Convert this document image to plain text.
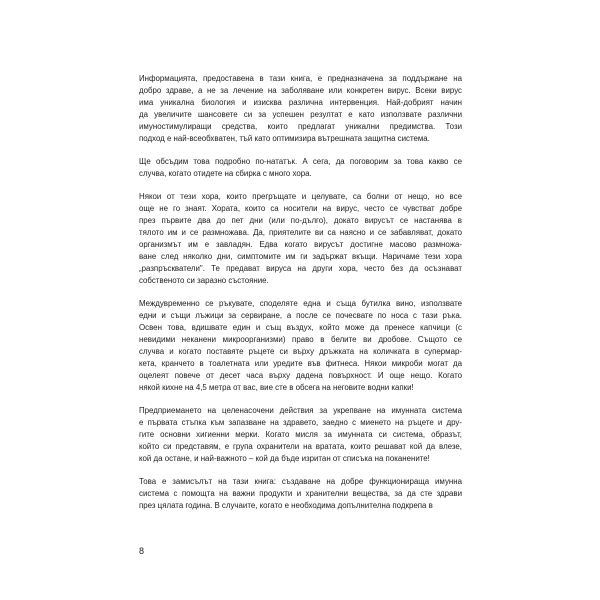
Информацията, предоставена в тази книга, е предназначена за поддържане на
добро здраве, а не за лечение на заболяване или конкретен вирус. Всеки вирус
има уникална биология и изисква различна интервенция. Най-добрият начин
да увеличите шансовете си за успешен резултат е като използвате различни
имуностимулиращи средства, които предлагат уникални предимства. Този
подход е най-всеобхватен, тъй като оптимизира вътрешната защитна система.

Ще обсъдим това подробно по-нататък. А сега, да поговорим за това какво се
случва, когато отидете на сбирка с много хора.

Някои от тези хора, които прегръщате и целувате, са болни от нещо, но все
още не го знаят. Хората, които са носители на вирус, често се чувстват добре
през първите два до пет дни (или по-дълго), докато вирусът се настанява в
тялото им и се размножава. Да, приятелите ви са наясно и се забавляват, докато
организмът им е завладян. Едва когато вирусът достигне масово размножа-
ване след няколко дни, симптомите им ги задържат вкъщи. Наричаме тези хора
„разпръскватели". Те предават вируса на други хора, често без да осъзнават
собственото си заразно състояние.

Междувременно се ръкувате, споделяте една и съща бутилка вино, използвате
едни и същи лъжици за сервиране, а после се почесвате по носа с тази ръка.
Освен това, вдишвате един и същ въздух, който може да пренесе капчици (с
невидими неканени микроорганизми) право в белите ви дробове. Същото се
случва и когато поставяте ръцете си върху дръжката на количката в супермар-
кета, кранчето в тоалетната или уредите във фитнеса. Някои микроби могат да
оцелеят повече от десет часа върху дадена повърхност. И още нещо. Когато
някой кихне на 4,5 метра от вас, вие сте в обсега на неговите водни капки!

Предприемането на целенасочени действия за укрепване на имунната система
е първата стъпка към запазване на здравето, заедно с миенето на ръцете и дру-
гите основни хигиенни мерки. Когато мисля за имунната си система, образът,
който си представям, е група охранители на вратата, които решават кой да влезе,
кой да остане, и най-важното – кой да бъде изритан от списъка на поканените!

Това е замисълът на тази книга: създаване на добре функционираща имунна
система с помощта на важни продукти и хранителни вещества, за да сте здрави
през цялата година. В случаите, когато е необходима допълнителна подкрепа в

8
